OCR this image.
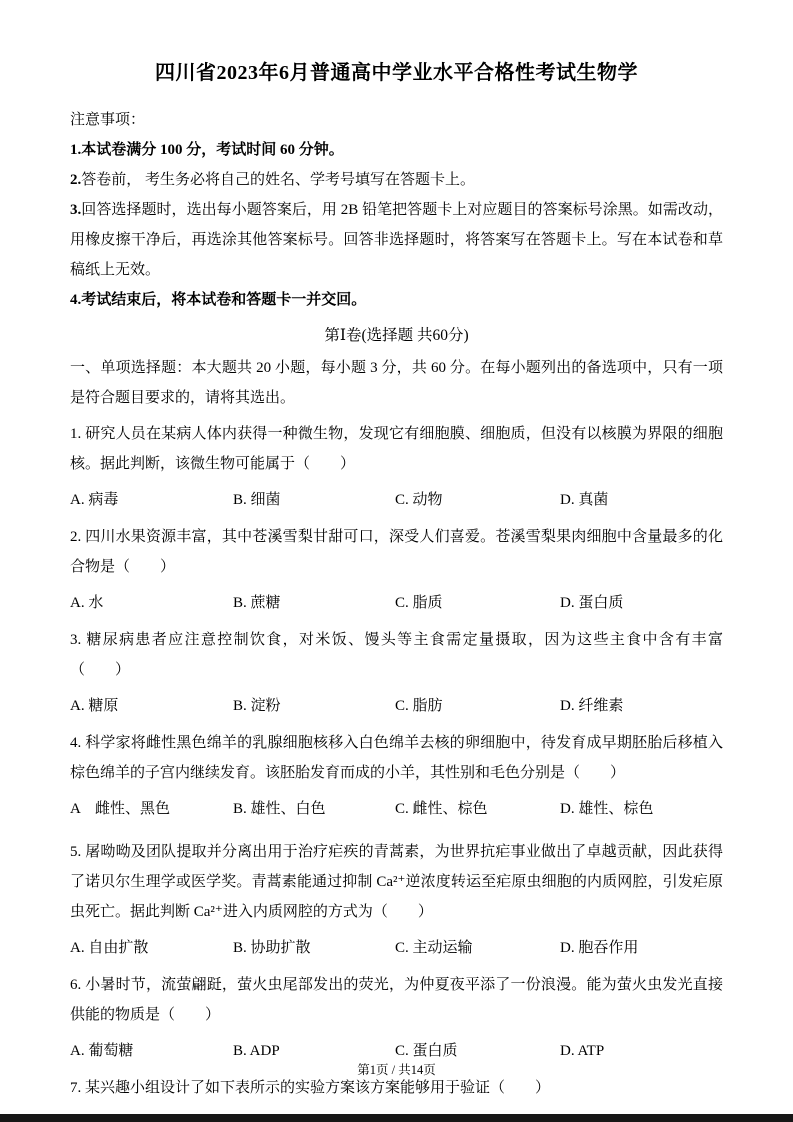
四川省2023年6月普通高中学业水平合格性考试生物学

注意事项：

1.本试卷满分 100 分，考试时间 60 分钟。

2.答卷前， 考生务必将自己的姓名、学考号填写在答题卡上。

3.回答选择题时，选出每小题答案后，用 2B 铅笔把答题卡上对应题目的答案标号涂黑。如需改动，用橡皮擦干净后，再选涂其他答案标号。回答非选择题时，将答案写在答题卡上。写在本试卷和草稿纸上无效。

4.考试结束后，将本试卷和答题卡一并交回。

第Ⅰ卷(选择题 共60分)

一、单项选择题：本大题共 20 小题，每小题 3 分，共 60 分。在每小题列出的备选项中，只有一项是符合题目要求的，请将其选出。

1. 研究人员在某病人体内获得一种微生物，发现它有细胞膜、细胞质，但没有以核膜为界限的细胞核。据此判断，该微生物可能属于（　　）

A. 病毒	B. 细菌	C. 动物	D. 真菌

2. 四川水果资源丰富，其中苍溪雪梨甘甜可口，深受人们喜爱。苍溪雪梨果肉细胞中含量最多的化合物是（　　）

A. 水	B. 蔗糖	C. 脂质	D. 蛋白质

3. 糖尿病患者应注意控制饮食，对米饭、馒头等主食需定量摄取，因为这些主食中含有丰富　（　　）

A. 糖原	B. 淀粉	C. 脂肪	D. 纤维素

4. 科学家将雌性黑色绵羊的乳腺细胞核移入白色绵羊去核的卵细胞中，待发育成早期胚胎后移植入棕色绵羊的子宫内继续发育。该胚胎发育而成的小羊，其性别和毛色分别是（　　）

A　雌性、黑色	B. 雄性、白色	C. 雌性、棕色	D. 雄性、棕色

5. 屠呦呦及团队提取并分离出用于治疗疟疾的青蒿素，为世界抗疟事业做出了卓越贡献，因此获得了诺贝尔生理学或医学奖。青蒿素能通过抑制 Ca²⁺逆浓度转运至疟原虫细胞的内质网腔，引发疟原虫死亡。据此判断 Ca²⁺进入内质网腔的方式为（　　）

A. 自由扩散	B. 协助扩散	C. 主动运输	D. 胞吞作用

6. 小暑时节，流萤翩跹，萤火虫尾部发出的荧光，为仲夏夜平添了一份浪漫。能为萤火虫发光直接供能的物质是（　　）

A. 葡萄糖	B. ADP	C. 蛋白质	D. ATP

7. 某兴趣小组设计了如下表所示的实验方案该方案能够用于验证（　　）

第1页 / 共14页
